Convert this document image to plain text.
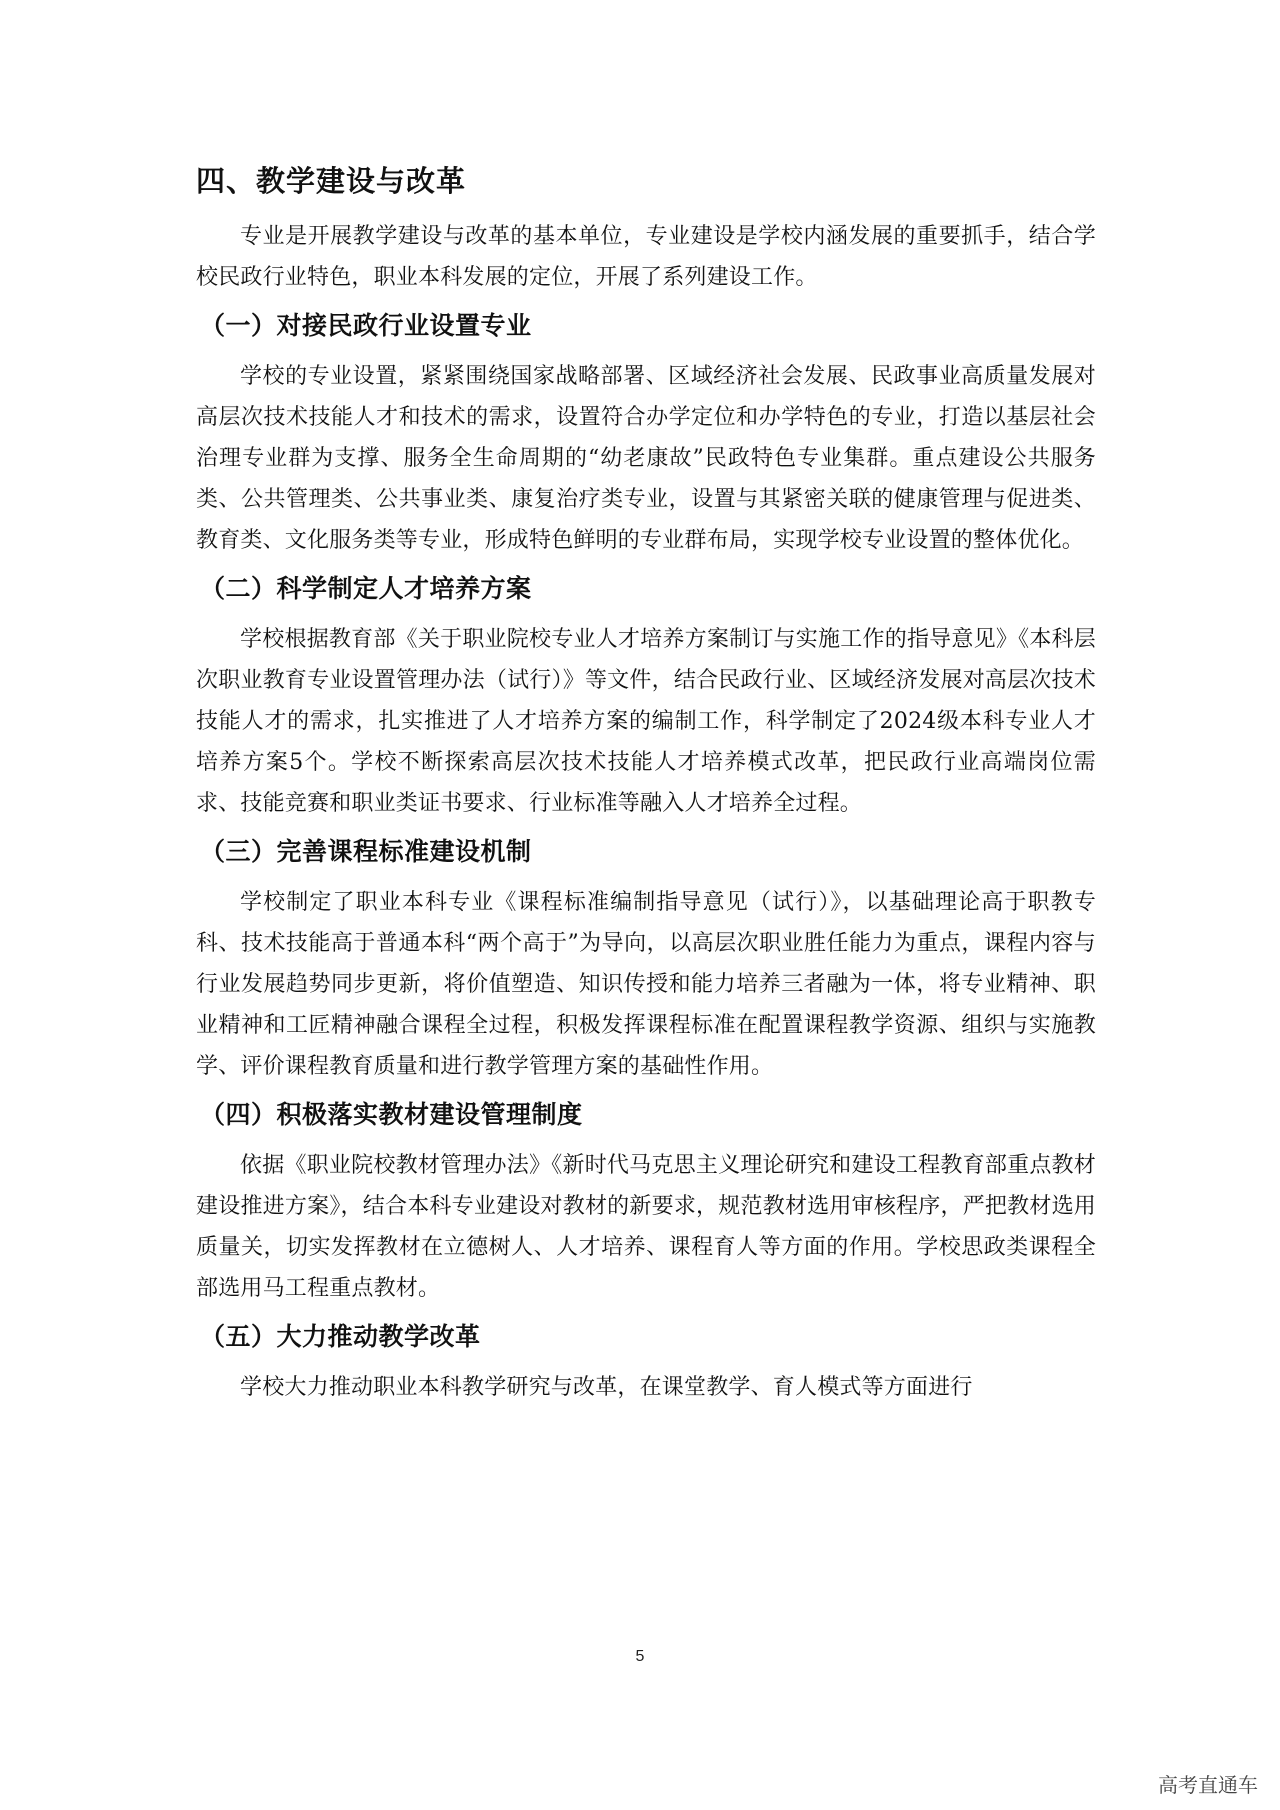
四、教学建设与改革
专业是开展教学建设与改革的基本单位，专业建设是学校内涵发展的重要抓手，结合学校民政行业特色，职业本科发展的定位，开展了系列建设工作。
（一）对接民政行业设置专业
学校的专业设置，紧紧围绕国家战略部署、区域经济社会发展、民政事业高质量发展对高层次技术技能人才和技术的需求，设置符合办学定位和办学特色的专业，打造以基层社会治理专业群为支撑、服务全生命周期的“幼老康故”民政特色专业集群。重点建设公共服务类、公共管理类、公共事业类、康复治疗类专业，设置与其紧密关联的健康管理与促进类、教育类、文化服务类等专业，形成特色鲜明的专业群布局，实现学校专业设置的整体优化。
（二）科学制定人才培养方案
学校根据教育部《关于职业院校专业人才培养方案制订与实施工作的指导意见》《本科层次职业教育专业设置管理办法（试行）》等文件，结合民政行业、区域经济发展对高层次技术技能人才的需求，扎实推进了人才培养方案的编制工作，科学制定了2024级本科专业人才培养方案5个。学校不断探索高层次技术技能人才培养模式改革，把民政行业高端岗位需求、技能竞赛和职业类证书要求、行业标准等融入人才培养全过程。
（三）完善课程标准建设机制
学校制定了职业本科专业《课程标准编制指导意见（试行）》，以基础理论高于职教专科、技术技能高于普通本科“两个高于”为导向，以高层次职业胜任能力为重点，课程内容与行业发展趋势同步更新，将价值塑造、知识传授和能力培养三者融为一体，将专业精神、职业精神和工匠精神融合课程全过程，积极发挥课程标准在配置课程教学资源、组织与实施教学、评价课程教育质量和进行教学管理方案的基础性作用。
（四）积极落实教材建设管理制度
依据《职业院校教材管理办法》《新时代马克思主义理论研究和建设工程教育部重点教材建设推进方案》，结合本科专业建设对教材的新要求，规范教材选用审核程序，严把教材选用质量关，切实发挥教材在立德树人、人才培养、课程育人等方面的作用。学校思政类课程全部选用马工程重点教材。
（五）大力推动教学改革
学校大力推动职业本科教学研究与改革，在课堂教学、育人模式等方面进行
5
高考直通车
